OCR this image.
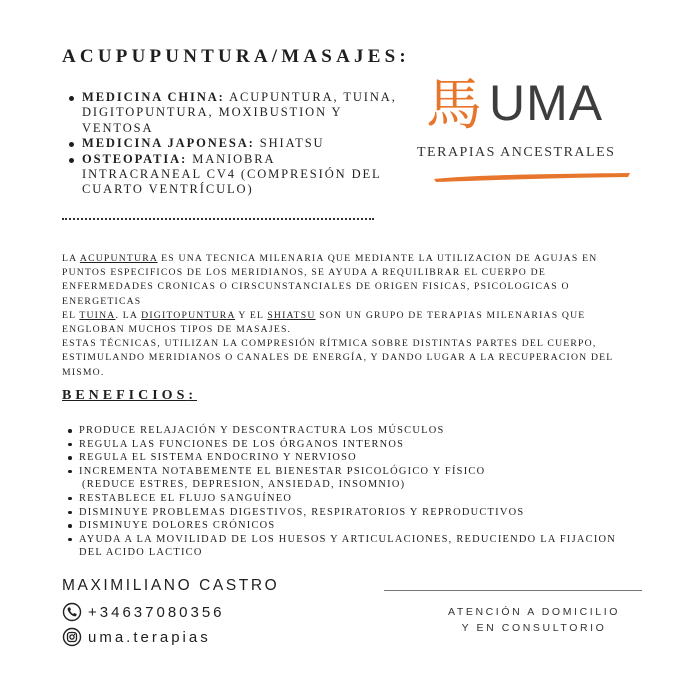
ACUPUPUNTURA/MASAJES:
MEDICINA CHINA: ACUPUNTURA, TUINA, DIGITOPUNTURA, MOXIBUSTION Y VENTOSA
MEDICINA JAPONESA: SHIATSU
OSTEOPATIA: MANIOBRA INTRACRANEAL CV4 (COMPRESIÓN DEL CUARTO VENTRÍCULO)
馬 UMA
TERAPIAS ANCESTRALES

LA ACUPUNTURA ES UNA TECNICA MILENARIA QUE MEDIANTE LA UTILIZACION DE AGUJAS EN PUNTOS ESPECIFICOS DE LOS MERIDIANOS, SE AYUDA A REQUILIBRAR EL CUERPO DE ENFERMEDADES CRONICAS O CIRSCUNSTANCIALES DE ORIGEN FISICAS, PSICOLOGICAS O ENERGETICAS

EL TUINA. LA DIGITOPUNTURA Y EL SHIATSU SON UN GRUPO DE TERAPIAS MILENARIAS QUE ENGLOBAN MUCHOS TIPOS DE MASAJES.

ESTAS TÉCNICAS, UTILIZAN LA COMPRESIÓN RÍTMICA SOBRE DISTINTAS PARTES DEL CUERPO, ESTIMULANDO MERIDIANOS O CANALES DE ENERGÍA, Y DANDO LUGAR A LA RECUPERACION DEL MISMO.

BENEFICIOS:
PRODUCE RELAJACIÓN Y DESCONTRACTURA LOS MÚSCULOS
REGULA LAS FUNCIONES DE LOS ÓRGANOS INTERNOS
REGULA EL SISTEMA ENDOCRINO Y NERVIOSO
INCREMENTA NOTABEMENTE EL BIENESTAR PSICOLÓGICO Y FÍSICO
(REDUCE ESTRES, DEPRESION, ANSIEDAD, INSOMNIO)
RESTABLECE EL FLUJO SANGUÍNEO
DISMINUYE PROBLEMAS DIGESTIVOS, RESPIRATORIOS Y REPRODUCTIVOS
DISMINUYE DOLORES CRÓNICOS
AYUDA A LA MOVILIDAD DE LOS HUESOS Y ARTICULACIONES, REDUCIENDO LA FIJACION DEL ACIDO LACTICO
MAXIMILIANO CASTRO
+34637080356
uma.terapias
ATENCIÓN A DOMICILIO
Y EN CONSULTORIO
